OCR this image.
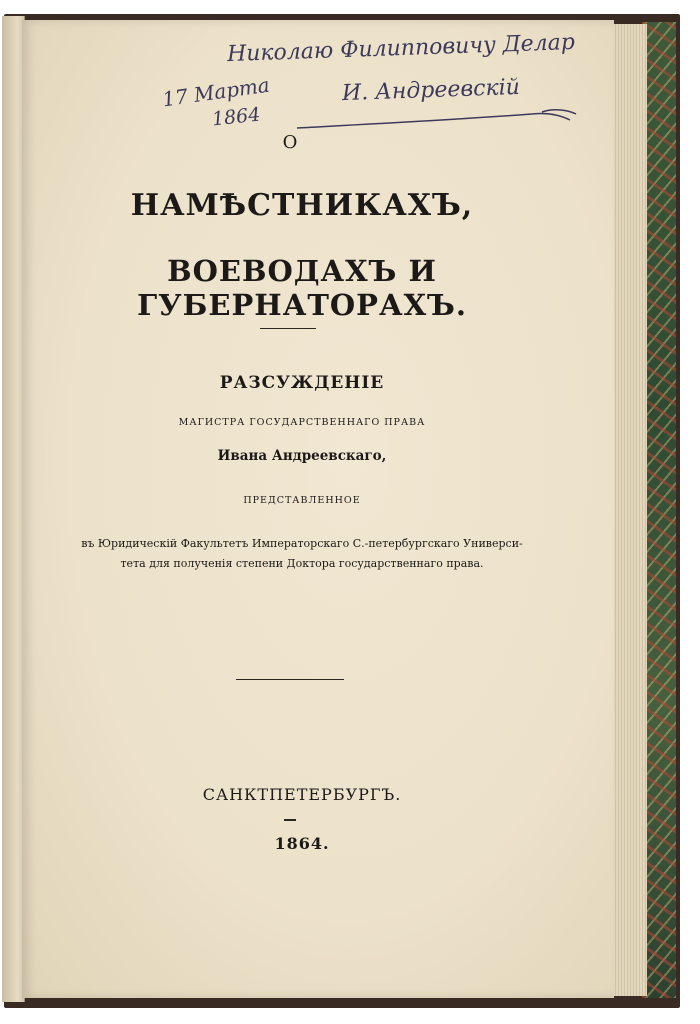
Николаю Филипповичу Делар
17 Марта
1864
И. Андреевскій
О
НАМѢСТНИКАХЪ,
ВОЕВОДАХЪ И ГУБЕРНАТОРАХЪ.
РАЗСУЖДЕНІЕ
МАГИСТРА ГОСУДАРСТВЕННАГО ПРАВА
Ивана Андреевскаго,
ПРЕДСТАВЛЕННОЕ
въ Юридическій Факультетъ Императорскаго С.-петербургскаго Универси-
тета для полученія степени Доктора государственнаго права.
САНКТПЕТЕРБУРГЪ.
1864.
